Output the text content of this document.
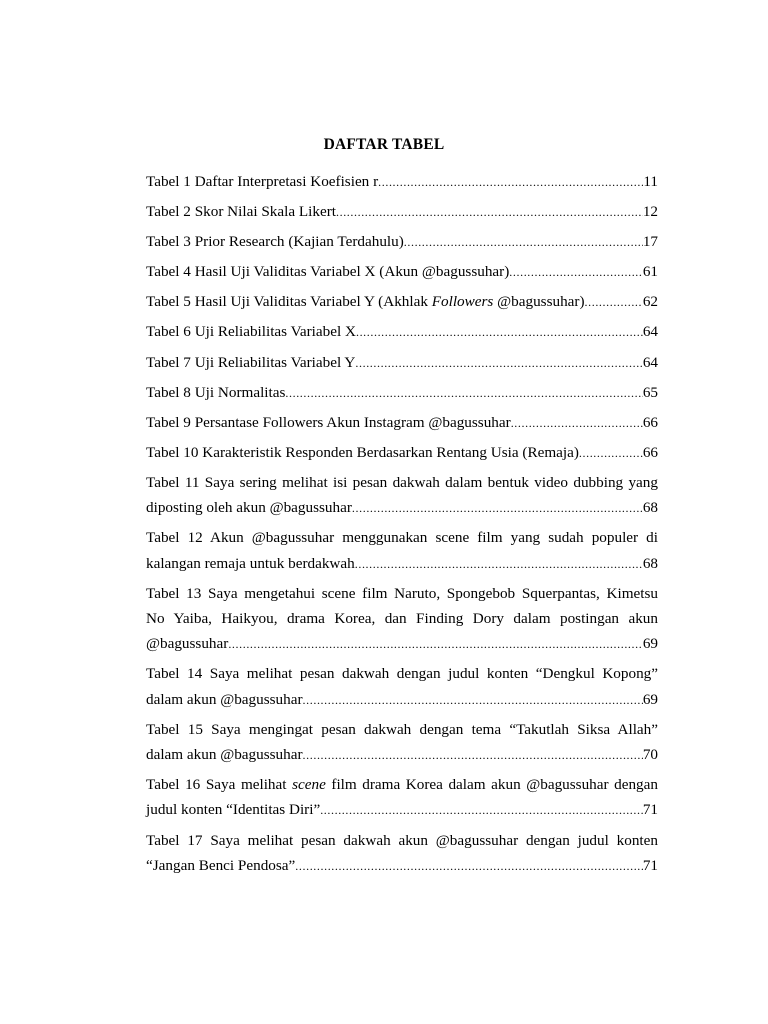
DAFTAR TABEL
Tabel 1 Daftar Interpretasi Koefisien r .....	11
Tabel 2 Skor Nilai Skala Likert .....	12
Tabel 3 Prior Research (Kajian Terdahulu) .....	17
Tabel 4 Hasil Uji Validitas Variabel X (Akun @bagussuhar) .....	61
Tabel 5 Hasil Uji Validitas Variabel Y (Akhlak Followers @bagussuhar) .....	62
Tabel 6 Uji Reliabilitas Variabel X .....	64
Tabel 7 Uji Reliabilitas Variabel Y .....	64
Tabel 8 Uji Normalitas .....	65
Tabel 9 Persantase Followers Akun Instagram @bagussuhar .....	66
Tabel 10 Karakteristik Responden Berdasarkan Rentang Usia (Remaja) .....	66
Tabel 11 Saya sering melihat isi pesan dakwah dalam bentuk video dubbing yang
diposting oleh akun @bagussuhar .....	68
Tabel 12 Akun @bagussuhar menggunakan scene film yang sudah populer di
kalangan remaja untuk berdakwah .....	68
Tabel 13 Saya mengetahui scene film Naruto, Spongebob Squerpantas, Kimetsu
No Yaiba, Haikyou, drama Korea, dan Finding Dory dalam postingan akun
@bagussuhar .....	69
Tabel 14 Saya melihat pesan dakwah dengan judul konten “Dengkul Kopong”
dalam akun @bagussuhar .....	69
Tabel 15 Saya mengingat pesan dakwah dengan tema “Takutlah Siksa Allah”
dalam akun @bagussuhar .....	70
Tabel 16 Saya melihat scene film drama Korea dalam akun @bagussuhar dengan
judul konten “Identitas Diri” .....	71
Tabel 17 Saya melihat pesan dakwah akun @bagussuhar dengan judul konten
“Jangan Benci Pendosa” .....	71
